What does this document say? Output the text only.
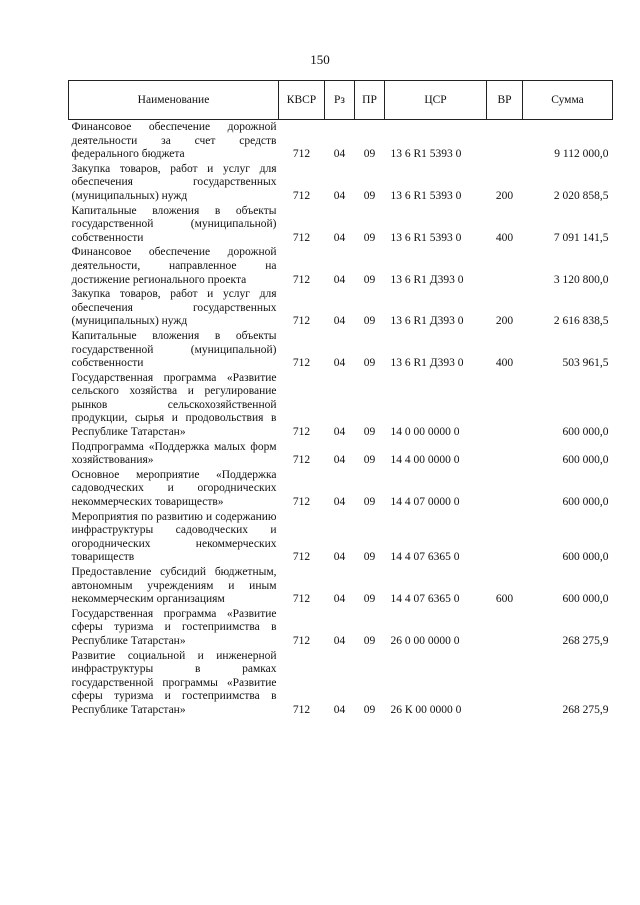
150
Наименование	КВСР	Рз	ПР	ЦСР	ВР	Сумма
Финансовое обеспечение дорожной деятельности за счет средств федерального бюджета	712	04	09	13 6 R1 5393 0		9 112 000,0
Закупка товаров, работ и услуг для обеспечения государственных (муниципальных) нужд	712	04	09	13 6 R1 5393 0	200	2 020 858,5
Капитальные вложения в объекты государственной (муниципальной) собственности	712	04	09	13 6 R1 5393 0	400	7 091 141,5
Финансовое обеспечение дорожной деятельности, направленное на достижение регионального проекта	712	04	09	13 6 R1 Д393 0		3 120 800,0
Закупка товаров, работ и услуг для обеспечения государственных (муниципальных) нужд	712	04	09	13 6 R1 Д393 0	200	2 616 838,5
Капитальные вложения в объекты государственной (муниципальной) собственности	712	04	09	13 6 R1 Д393 0	400	503 961,5
Государственная программа «Развитие сельского хозяйства и регулирование рынков сельскохозяйственной продукции, сырья и продовольствия в Республике Татарстан»	712	04	09	14 0 00 0000 0		600 000,0
Подпрограмма «Поддержка малых форм хозяйствования»	712	04	09	14 4 00 0000 0		600 000,0
Основное мероприятие «Поддержка садоводческих и огороднических некоммерческих товариществ»	712	04	09	14 4 07 0000 0		600 000,0
Мероприятия по развитию и содержанию инфраструктуры садоводческих и огороднических некоммерческих товариществ	712	04	09	14 4 07 6365 0		600 000,0
Предоставление субсидий бюджетным, автономным учреждениям и иным некоммерческим организациям	712	04	09	14 4 07 6365 0	600	600 000,0
Государственная программа «Развитие сферы туризма и гостеприимства в Республике Татарстан»	712	04	09	26 0 00 0000 0		268 275,9
Развитие социальной и инженерной инфраструктуры в рамках государственной программы «Развитие сферы туризма и гостеприимства в Республике Татарстан»	712	04	09	26 К 00 0000 0		268 275,9
